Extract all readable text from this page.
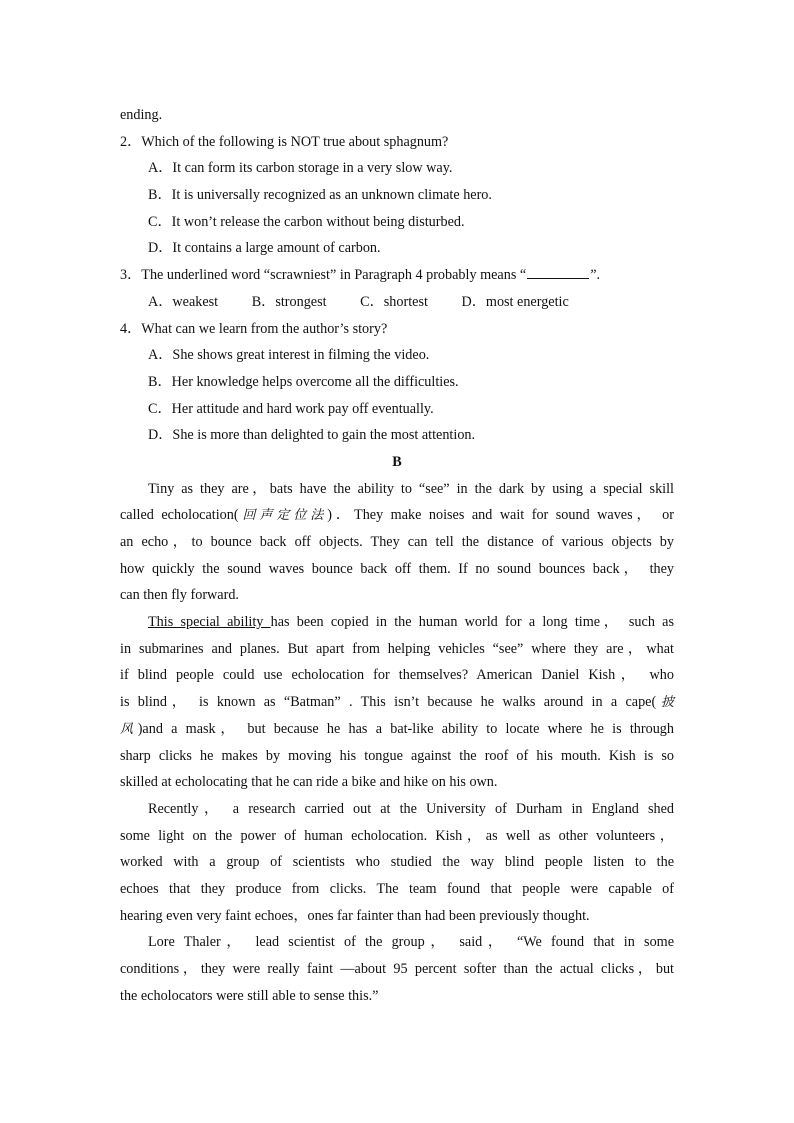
ending.
2．Which of the following is NOT true about sphagnum?
A．It can form its carbon storage in a very slow way.
B．It is universally recognized as an unknown climate hero.
C．It won’t release the carbon without being disturbed.
D．It contains a large amount of carbon.
3．The underlined word “scrawniest” in Paragraph 4 probably means “	”.
A．weakest B．strongest C．shortest D．most energetic
4．What can we learn from the author’s story?
A．She shows great interest in filming the video.
B．Her knowledge helps overcome all the difficulties.
C．Her attitude and hard work pay off eventually.
D．She is more than delighted to gain the most attention.
B
Tiny as they are，bats have the ability to “see” in the dark by using a special skill
called echolocation(回声定位法)．They make noises and wait for sound waves， or
an echo，to bounce back off objects. They can tell the distance of various objects by
how quickly the sound waves bounce back off them. If no sound bounces back， they
can then fly forward.
This special ability has been copied in the human world for a long time， such as
in submarines and planes. But apart from helping vehicles “see” where they are，what
if blind people could use echolocation for themselves? American Daniel Kish， who
is blind， is known as “Batman” . This isn’t because he walks around in a cape(披
风)and a mask， but because he has a bat-like ability to locate where he is through
sharp clicks he makes by moving his tongue against the roof of his mouth. Kish is so
skilled at echolocating that he can ride a bike and hike on his own.
Recently， a research carried out at the University of Durham in England shed
some light on the power of human echolocation. Kish，as well as other volunteers，
worked with a group of scientists who studied the way blind people listen to the
echoes that they produce from clicks. The team found that people were capable of
hearing even very faint echoes，ones far fainter than had been previously thought.
Lore Thaler， lead scientist of the group， said， “We found that in some
conditions，they were really faint —about 95 percent softer than the actual clicks，but
the echolocators were still able to sense this.”
